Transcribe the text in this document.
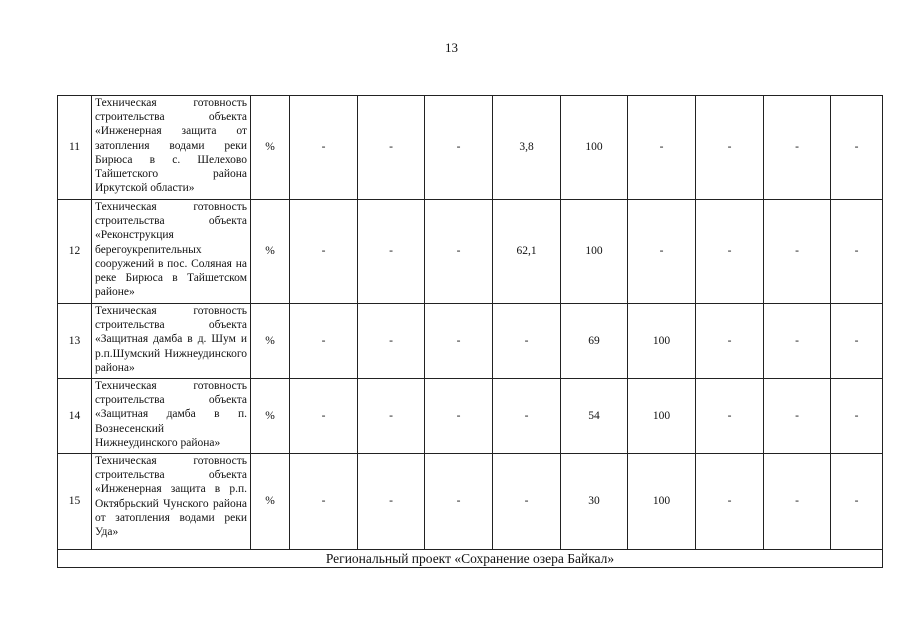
13
11	Техническая готовность строительства объекта «Инженерная защита от затопления водами реки Бирюса в с. Шелехово Тайшетского района Иркутской области»	%	-	-	-	3,8	100	-	-	-	-
12	Техническая готовность строительства объекта «Реконструкция берегоукрепительных сооружений в пос. Соляная на реке Бирюса в Тайшетском районе»	%	-	-	-	62,1	100	-	-	-	-
13	Техническая готовность строительства объекта «Защитная дамба в д. Шум и р.п.Шумский Нижнеудинского района»	%	-	-	-	-	69	100	-	-	-
14	Техническая готовность строительства объекта «Защитная дамба в п. Вознесенский Нижнеудинского района»	%	-	-	-	-	54	100	-	-	-
15	Техническая готовность строительства объекта «Инженерная защита в р.п. Октябрьский Чунского района от затопления водами реки Уда»	%	-	-	-	-	30	100	-	-	-
Региональный проект «Сохранение озера Байкал»											
